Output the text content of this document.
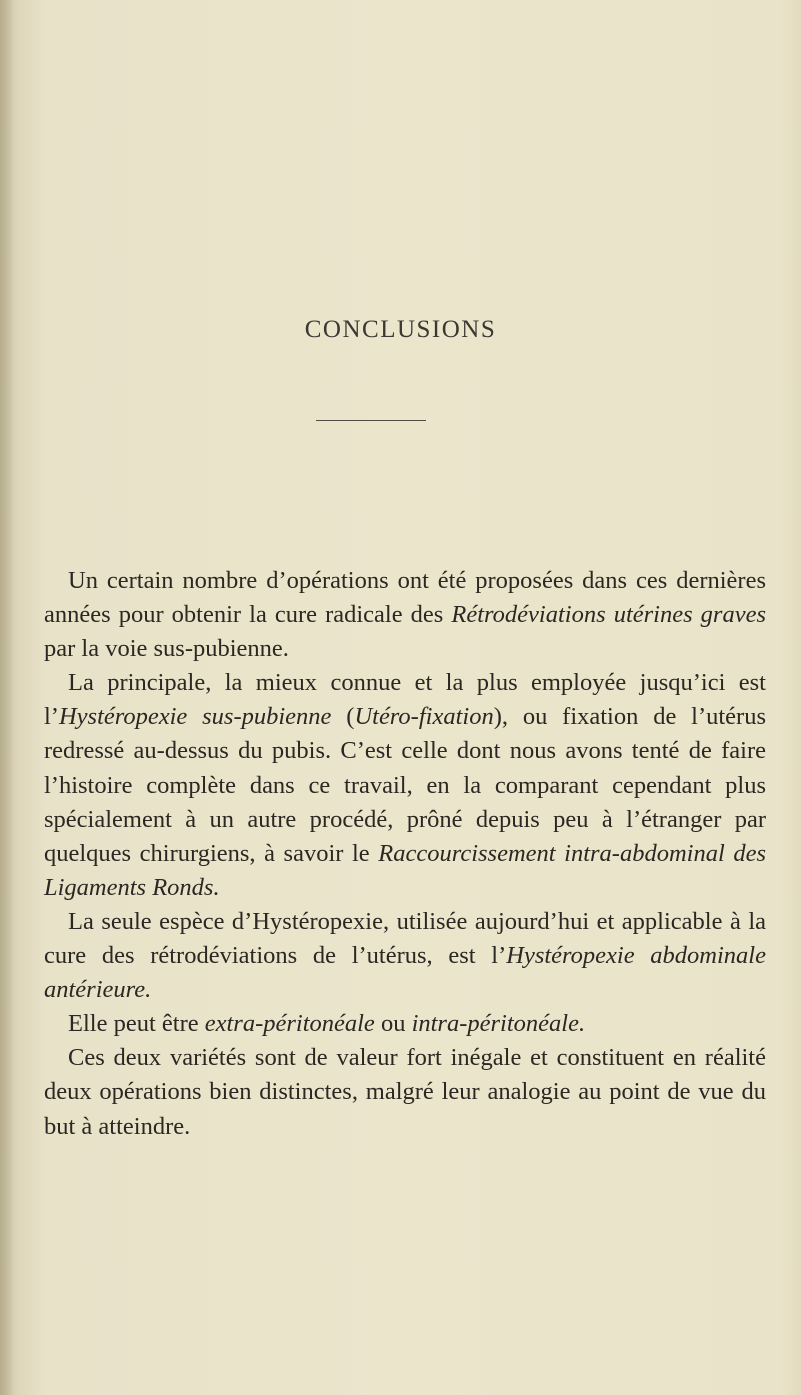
CONCLUSIONS

Un certain nombre d’opérations ont été proposées dans ces dernières années pour obtenir la cure radicale des Rétrodéviations utérines graves par la voie sus-pubienne.

La principale, la mieux connue et la plus employée jusqu’ici est l’Hystéropexie sus-pubienne (Utéro-fixation), ou fixation de l’utérus redressé au-dessus du pubis. C’est celle dont nous avons tenté de faire l’histoire complète dans ce travail, en la comparant cependant plus spécialement à un autre procédé, prôné depuis peu à l’étranger par quelques chirurgiens, à savoir le Raccourcissement intra-abdominal des Ligaments Ronds.

La seule espèce d’Hystéropexie, utilisée aujourd’hui et applicable à la cure des rétrodéviations de l’utérus, est l’Hystéropexie abdominale antérieure.

Elle peut être extra-péritonéale ou intra-péritonéale.

Ces deux variétés sont de valeur fort inégale et constituent en réalité deux opérations bien distinctes, malgré leur analogie au point de vue du but à atteindre.
